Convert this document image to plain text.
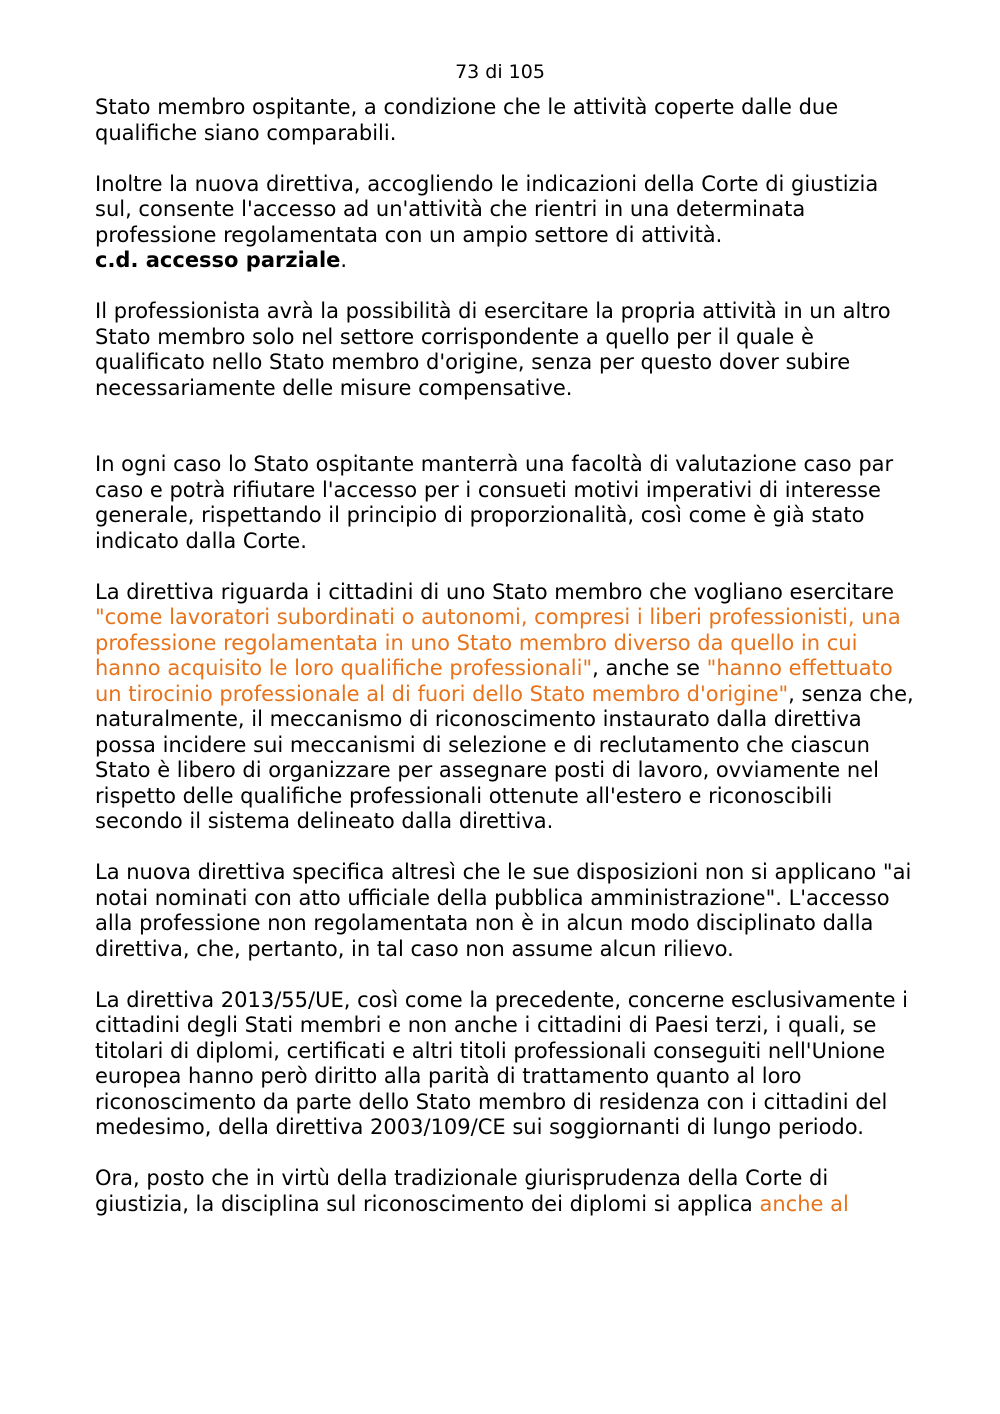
73 di 105

Stato membro ospitante, a condizione che le attività coperte dalle due qualifiche siano comparabili.

Inoltre la nuova direttiva, accogliendo le indicazioni della Corte di giustizia sul, consente l'accesso ad un'attività che rientri in una determinata professione regolamentata con un ampio settore di attività.
c.d. accesso parziale.

Il professionista avrà la possibilità di esercitare la propria attività in un altro Stato membro solo nel settore corrispondente a quello per il quale è qualificato nello Stato membro d'origine, senza per questo dover subire necessariamente delle misure compensative.

In ogni caso lo Stato ospitante manterrà una facoltà di valutazione caso par caso e potrà rifiutare l'accesso per i consueti motivi imperativi di interesse generale, rispettando il principio di proporzionalità, così come è già stato indicato dalla Corte.

La direttiva riguarda i cittadini di uno Stato membro che vogliano esercitare
"come lavoratori subordinati o autonomi, compresi i liberi professionisti, una professione regolamentata in uno Stato membro diverso da quello in cui hanno acquisito le loro qualifiche professionali", anche se "hanno effettuato un tirocinio professionale al di fuori dello Stato membro d'origine", senza che, naturalmente, il meccanismo di riconoscimento instaurato dalla direttiva possa incidere sui meccanismi di selezione e di reclutamento che ciascun Stato è libero di organizzare per assegnare posti di lavoro, ovviamente nel rispetto delle qualifiche professionali ottenute all'estero e riconoscibili secondo il sistema delineato dalla direttiva.

La nuova direttiva specifica altresì che le sue disposizioni non si applicano "ai notai nominati con atto ufficiale della pubblica amministrazione". L'accesso alla professione non regolamentata non è in alcun modo disciplinato dalla direttiva, che, pertanto, in tal caso non assume alcun rilievo.

La direttiva 2013/55/UE, così come la precedente, concerne esclusivamente i cittadini degli Stati membri e non anche i cittadini di Paesi terzi, i quali, se titolari di diplomi, certificati e altri titoli professionali conseguiti nell'Unione europea hanno però diritto alla parità di trattamento quanto al loro riconoscimento da parte dello Stato membro di residenza con i cittadini del medesimo, della direttiva 2003/109/CE sui soggiornanti di lungo periodo.

Ora, posto che in virtù della tradizionale giurisprudenza della Corte di giustizia, la disciplina sul riconoscimento dei diplomi si applica anche al
